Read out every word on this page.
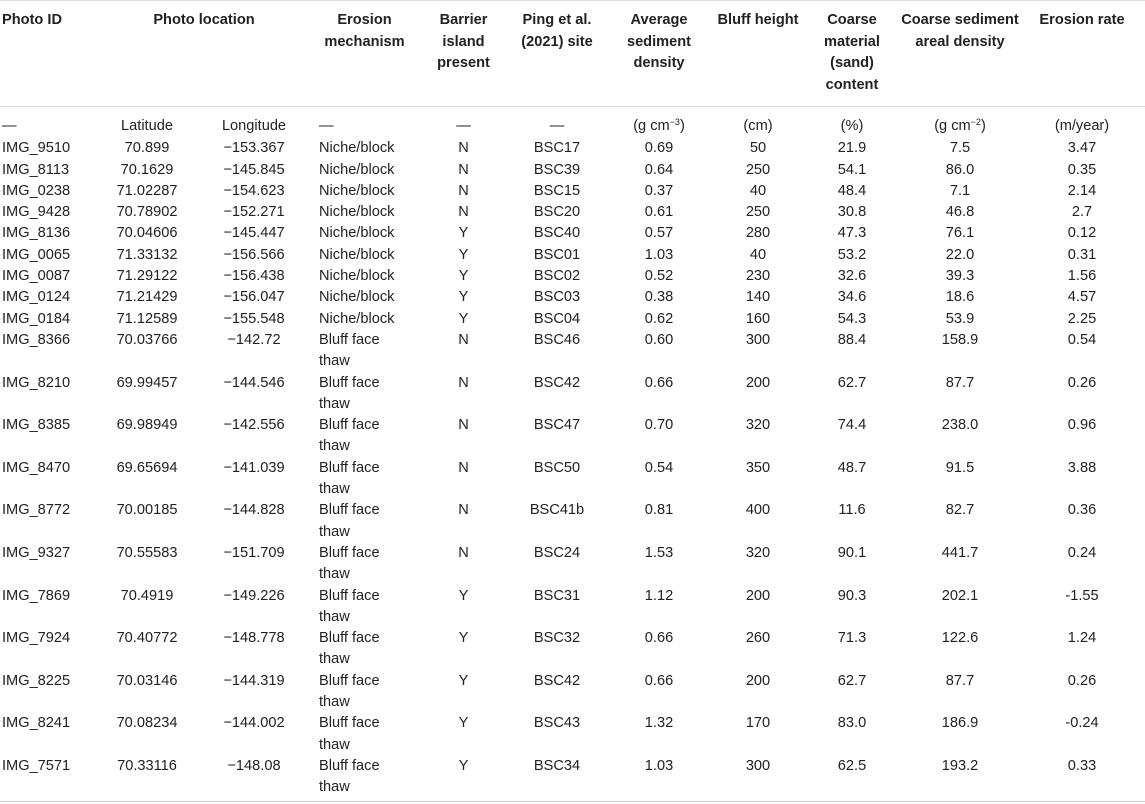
Photo ID	Photo location		Erosion mechanism	Barrier island present	Ping et al. (2021) site	Average sediment density	Bluff height	Coarse material (sand) content	Coarse sediment areal density	Erosion rate
—	Latitude	Longitude	—	—	—	(g $cm^{-3}$)	(cm)	(%)	(g $cm^{-2}$)	(m/year)
IMG_9510	70.899	−153.367	Niche/block	N	BSC17	0.69	50	21.9	7.5	3.47
IMG_8113	70.1629	−145.845	Niche/block	N	BSC39	0.64	250	54.1	86.0	0.35
IMG_0238	71.02287	−154.623	Niche/block	N	BSC15	0.37	40	48.4	7.1	2.14
IMG_9428	70.78902	−152.271	Niche/block	N	BSC20	0.61	250	30.8	46.8	2.7
IMG_8136	70.04606	−145.447	Niche/block	Y	BSC40	0.57	280	47.3	76.1	0.12
IMG_0065	71.33132	−156.566	Niche/block	Y	BSC01	1.03	40	53.2	22.0	0.31
IMG_0087	71.29122	−156.438	Niche/block	Y	BSC02	0.52	230	32.6	39.3	1.56
IMG_0124	71.21429	−156.047	Niche/block	Y	BSC03	0.38	140	34.6	18.6	4.57
IMG_0184	71.12589	−155.548	Niche/block	Y	BSC04	0.62	160	54.3	53.9	2.25
IMG_8366	70.03766	−142.72	Bluff face thaw	N	BSC46	0.60	300	88.4	158.9	0.54
IMG_8210	69.99457	−144.546	Bluff face thaw	N	BSC42	0.66	200	62.7	87.7	0.26
IMG_8385	69.98949	−142.556	Bluff face thaw	N	BSC47	0.70	320	74.4	238.0	0.96
IMG_8470	69.65694	−141.039	Bluff face thaw	N	BSC50	0.54	350	48.7	91.5	3.88
IMG_8772	70.00185	−144.828	Bluff face thaw	N	BSC41b	0.81	400	11.6	82.7	0.36
IMG_9327	70.55583	−151.709	Bluff face thaw	N	BSC24	1.53	320	90.1	441.7	0.24
IMG_7869	70.4919	−149.226	Bluff face thaw	Y	BSC31	1.12	200	90.3	202.1	-1.55
IMG_7924	70.40772	−148.778	Bluff face thaw	Y	BSC32	0.66	260	71.3	122.6	1.24
IMG_8225	70.03146	−144.319	Bluff face thaw	Y	BSC42	0.66	200	62.7	87.7	0.26
IMG_8241	70.08234	−144.002	Bluff face thaw	Y	BSC43	1.32	170	83.0	186.9	-0.24
IMG_7571	70.33116	−148.08	Bluff face thaw	Y	BSC34	1.03	300	62.5	193.2	0.33
